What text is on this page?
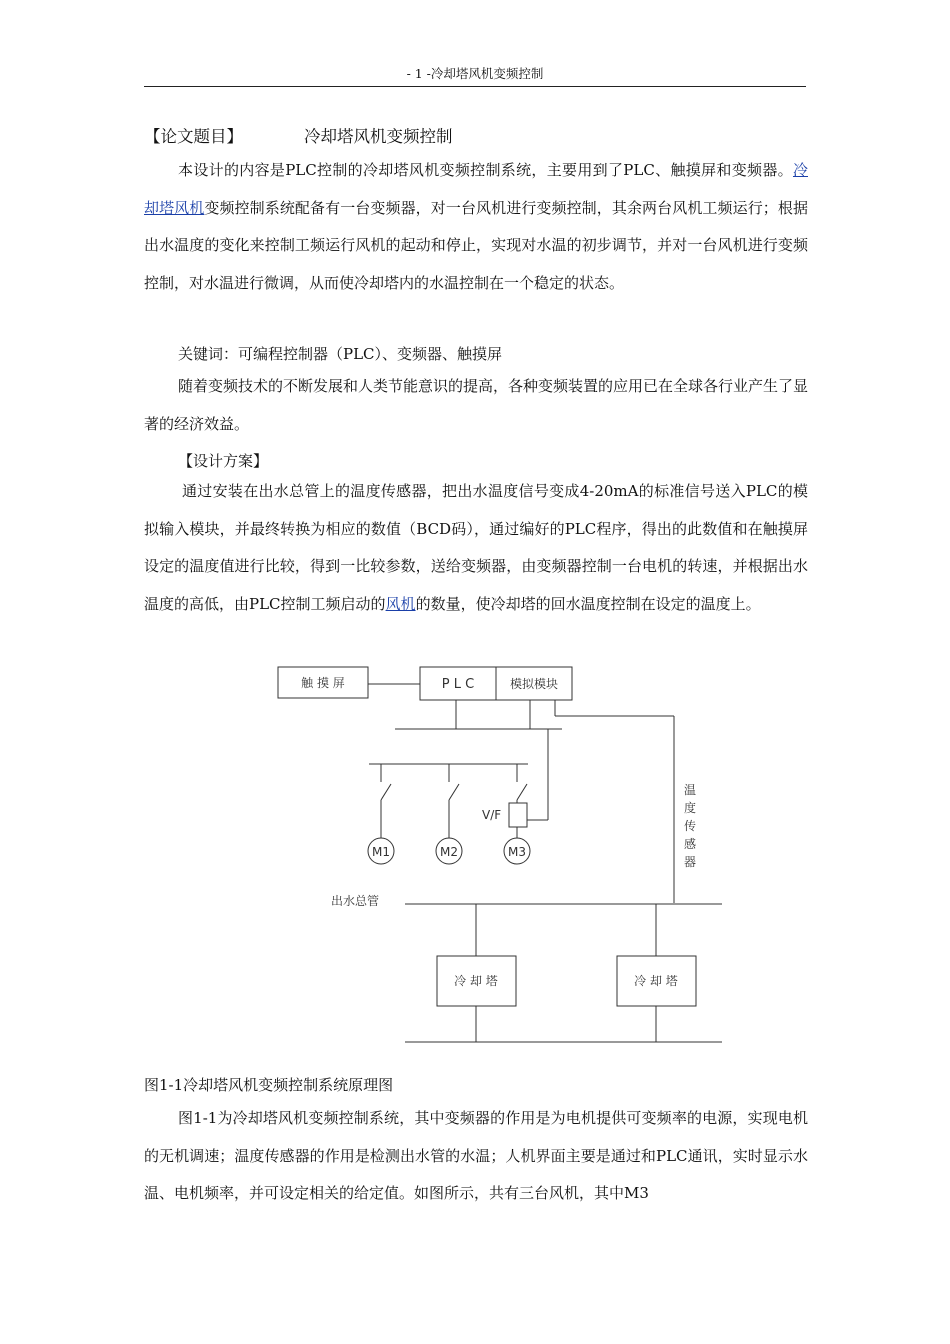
- 1 -冷却塔风机变频控制
【论文题目】	冷却塔风机变频控制

本设计的内容是PLC控制的冷却塔风机变频控制系统，主要用到了PLC、触摸屏和变频器。冷却塔风机变频控制系统配备有一台变频器，对一台风机进行变频控制，其余两台风机工频运行；根据出水温度的变化来控制工频运行风机的起动和停止，实现对水温的初步调节，并对一台风机进行变频控制，对水温进行微调，从而使冷却塔内的水温控制在一个稳定的状态。

关键词：可编程控制器（PLC）、变频器、触摸屏

随着变频技术的不断发展和人类节能意识的提高，各种变频装置的应用已在全球各行业产生了显著的经济效益。

【设计方案】

通过安装在出水总管上的温度传感器，把出水温度信号变成4-20mA的标准信号送入PLC的模拟输入模块，并最终转换为相应的数值（BCD码），通过编好的PLC程序，得出的此数值和在触摸屏设定的温度值进行比较，得到一比较参数，送给变频器，由变频器控制一台电机的转速，并根据出水温度的高低，由PLC控制工频启动的风机的数量，使冷却塔的回水温度控制在设定的温度上。

触 摸 屏	P L C	模拟模块
V/F
M1	M2	M3
温
度
传
感
器
出水总管
冷 却 塔	冷 却 塔
图1-1冷却塔风机变频控制系统原理图

图1-1为冷却塔风机变频控制系统，其中变频器的作用是为电机提供可变频率的电源，实现电机的无机调速；温度传感器的作用是检测出水管的水温；人机界面主要是通过和PLC通讯，实时显示水温、电机频率，并可设定相关的给定值。如图所示，共有三台风机，其中M3
